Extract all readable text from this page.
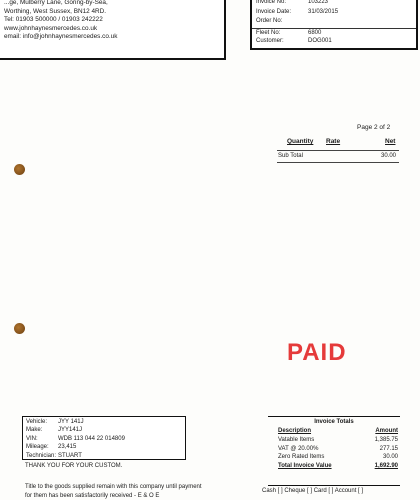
...ge, Mulberry Lane, Goring-by-Sea,
Worthing, West Sussex, BN12 4RD.
Tel: 01903 500000 / 01903 242222
www.johnhaynesmercedes.co.uk
email: info@johnhaynesmercedes.co.uk
Invoice No:	103223
Invoice Date:	31/03/2015
Order No:
Fleet No:	6800
Customer:	DOG001
Page 2 of 2
Quantity Rate	Net
Sub Total	30.00
PAID
Vehicle:	JYY 141J
Make:	JYY141J
VIN:	WDB 113 044 22 014809
Mileage:	23,415
Technician: STUART
THANK YOU FOR YOUR CUSTOM.
Title to the goods supplied remain with this company until payment
for them has been satisfactorily received - E & O E
Invoice Totals
Description	Amount
Vatable Items	1,385.75
VAT @ 20.00%	277.15
Zero Rated Items	30.00
Total Invoice Value	1,692.90
Cash [ ] Cheque [ ] Card [ ] Account [ ]
